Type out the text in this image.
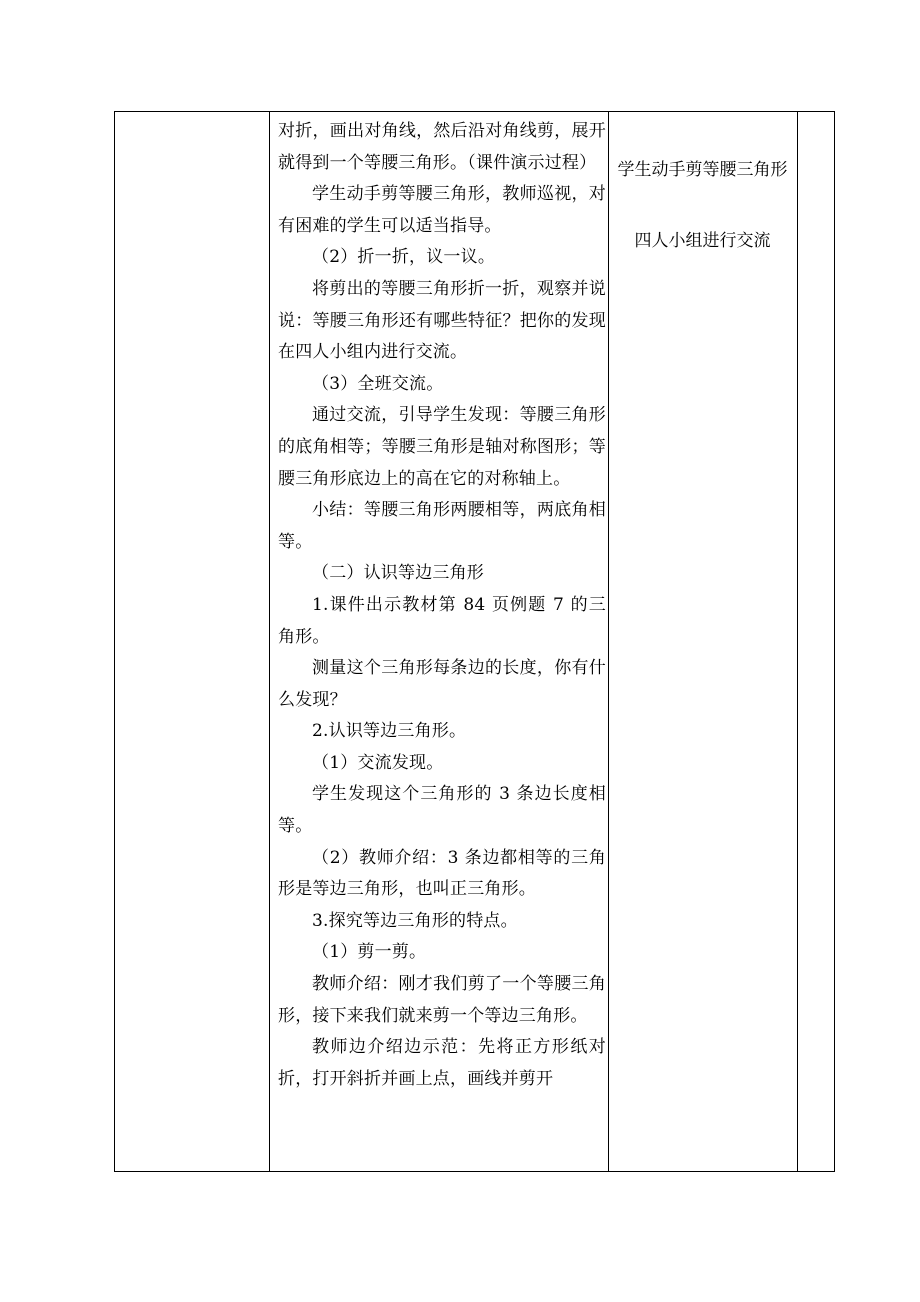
对折，画出对角线，然后沿对角线剪，展开就得到一个等腰三角形。（课件演示过程）

学生动手剪等腰三角形，教师巡视，对有困难的学生可以适当指导。

（2）折一折，议一议。

将剪出的等腰三角形折一折，观察并说说：等腰三角形还有哪些特征？把你的发现在四人小组内进行交流。

（3）全班交流。

通过交流，引导学生发现：等腰三角形的底角相等；等腰三角形是轴对称图形；等腰三角形底边上的高在它的对称轴上。

小结：等腰三角形两腰相等，两底角相等。

（二）认识等边三角形

1.课件出示教材第 84 页例题 7 的三角形。

测量这个三角形每条边的长度，你有什么发现？

2.认识等边三角形。

（1）交流发现。

学生发现这个三角形的 3 条边长度相等。

（2）教师介绍：3 条边都相等的三角形是等边三角形，也叫正三角形。

3.探究等边三角形的特点。

（1）剪一剪。

教师介绍：刚才我们剪了一个等腰三角形，接下来我们就来剪一个等边三角形。

教师边介绍边示范：先将正方形纸对折，打开斜折并画上点，画线并剪开

学生动手剪等腰三角形

四人小组进行交流
